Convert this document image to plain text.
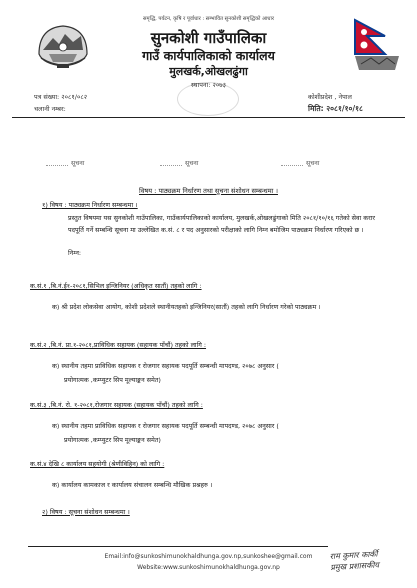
समृद्धि, पर्यटन, कृषि र पूर्वाधार : सम्भावित सुनकोशी समृद्धिको आधार
सुनकोशी गाउँपालिका
गाउँ कार्यपालिकाको कार्यालय
मुलखर्क,ओखलढुंगा
स्थापना: २०७३
पत्र संख्या: २०८१/०८२
चलानी नम्बर:
कोशीप्रदेश , नेपाल
मिति: २०८१/१०/१८
सूचना	सूचना	सूचना
विषय : पाठ्यक्रम निर्धारण तथा सूचना संशोधन सम्बन्धमा ।
१) विषय : पाठ्यक्रम निर्धारण सम्बन्धमा ।
प्रस्तुत विषयमा यस सुनकोशी गाउँपालिका, गाउँकार्यपालिकाको कार्यालय, मुलखर्क,ओखलढुंगाको मिति २०८१/१०/१६ गतेको सेवा करार पदपूर्ति गर्ने सम्बन्धि सूचना मा उल्लेखित क.सं. ८ र पद अनुसारको परीक्षाको लागि निम्न बमोजिम पाठ्यक्रम निर्धारण गरिएको छ ।
निम्न:
क.सं.१ ,बि.नं.ई१-२०८१,सिभिल इन्जिनियर (अधिकृत सातौं) तहको लागि :
क) श्री प्रदेश लोकसेवा आयोग, कोशी प्रदेशले स्थानीयतहको इन्जिनियर(सातौं) तहको लागि निर्धारण गरेको पाठ्यक्रम ।
क.सं.२ ,बि.नं. प्रा.१-२०८१,प्राविधिक सहायक (सहायक पाँचौं) तहको लागि :
क) स्थानीय तहमा प्राविधिक सहायक र रोजगार सहायक पदपूर्ति सम्बन्धी मापदण्ड, २०७८ अनुसार (
प्रयोगात्मक ,कम्प्युटर सिप मूल्याङ्कन समेत)
क.सं.३ ,बि.नं. रो. १-२०८१,रोजगार सहायक (सहायक पाँचौं) तहको लागि :
क) स्थानीय तहमा प्राविधिक सहायक र रोजगार सहायक पदपूर्ति सम्बन्धी मापदण्ड, २०७८ अनुसार (
प्रयोगात्मक ,कम्प्युटर सिप मूल्याङ्कन समेत)
क.सं.४ देखि ८ कार्यालय सहयोगी (श्रेणीविहिन) को लागि :
क) कार्यालय कामकाज र कार्यालय संचालन सम्बन्धि मौखिक प्रश्नहरु ।
२) विषय : सूचना संशोधन सम्बन्धमा ।
Email:info@sunkoshimunokhaldhunga.gov.np,sunkoshee@gmail.com
Website:www.sunkoshimunokhaldhunga.gov.np
राम कुमार कार्की
प्रमुख प्रशासकीय
